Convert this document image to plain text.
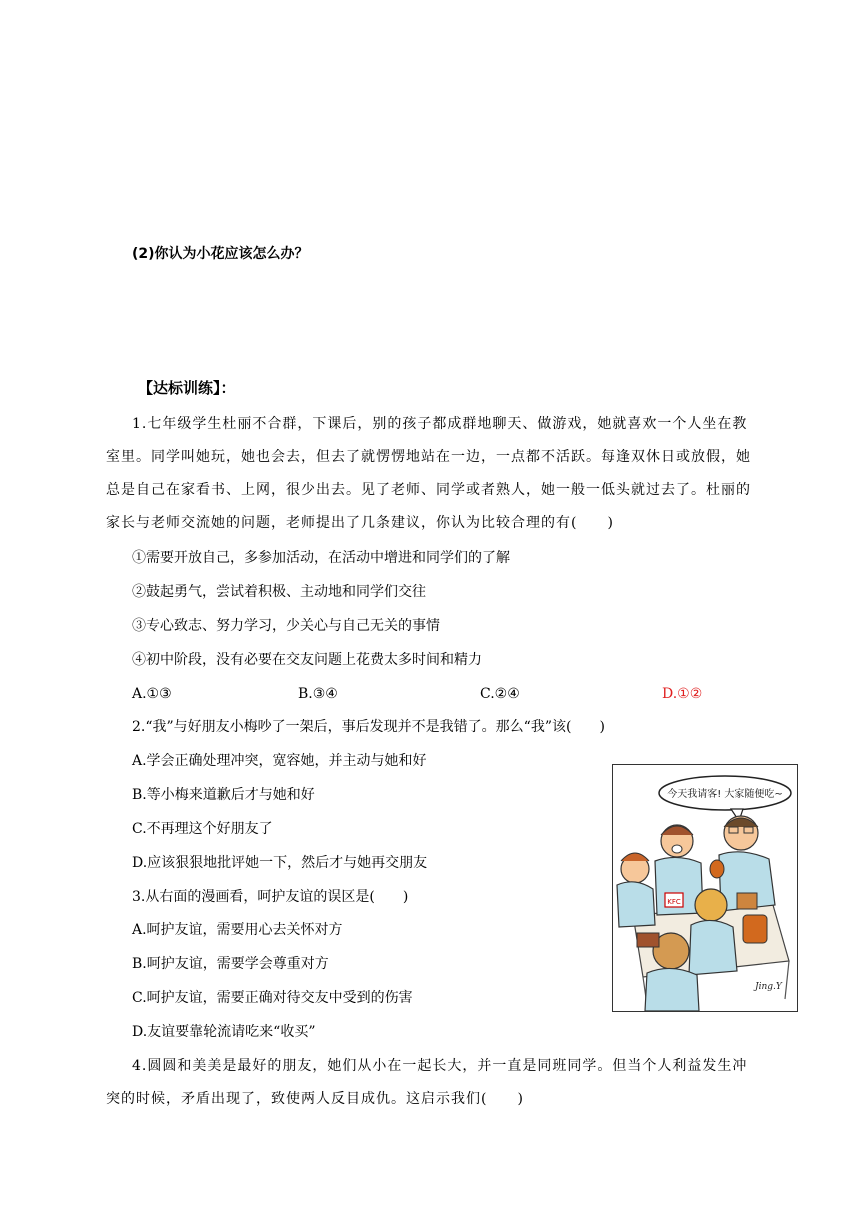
(2)你认为小花应该怎么办？
【达标训练】：
1.七年级学生杜丽不合群，下课后，别的孩子都成群地聊天、做游戏，她就喜欢一个人坐在教
室里。同学叫她玩，她也会去，但去了就愣愣地站在一边，一点都不活跃。每逢双休日或放假，她
总是自己在家看书、上网，很少出去。见了老师、同学或者熟人，她一般一低头就过去了。杜丽的
家长与老师交流她的问题，老师提出了几条建议，你认为比较合理的有(　　)
①需要开放自己，多参加活动，在活动中增进和同学们的了解
②鼓起勇气，尝试着积极、主动地和同学们交往
③专心致志、努力学习，少关心与自己无关的事情
④初中阶段，没有必要在交友问题上花费太多时间和精力
A.①③	B.③④	C.②④	D.①②
2.“我”与好朋友小梅吵了一架后，事后发现并不是我错了。那么“我”该(　　)
A.学会正确处理冲突，宽容她，并主动与她和好
B.等小梅来道歉后才与她和好
C.不再理这个好朋友了
D.应该狠狠地批评她一下，然后才与她再交朋友
3.从右面的漫画看，呵护友谊的误区是(　　)
A.呵护友谊，需要用心去关怀对方
B.呵护友谊，需要学会尊重对方
C.呵护友谊，需要正确对待交友中受到的伤害
D.友谊要靠轮流请吃来“收买”
4.圆圆和美美是最好的朋友，她们从小在一起长大，并一直是同班同学。但当个人利益发生冲
突的时候，矛盾出现了，致使两人反目成仇。这启示我们(　　)
今天我请客! 大家随便吃~
KFC
Jing.Y
